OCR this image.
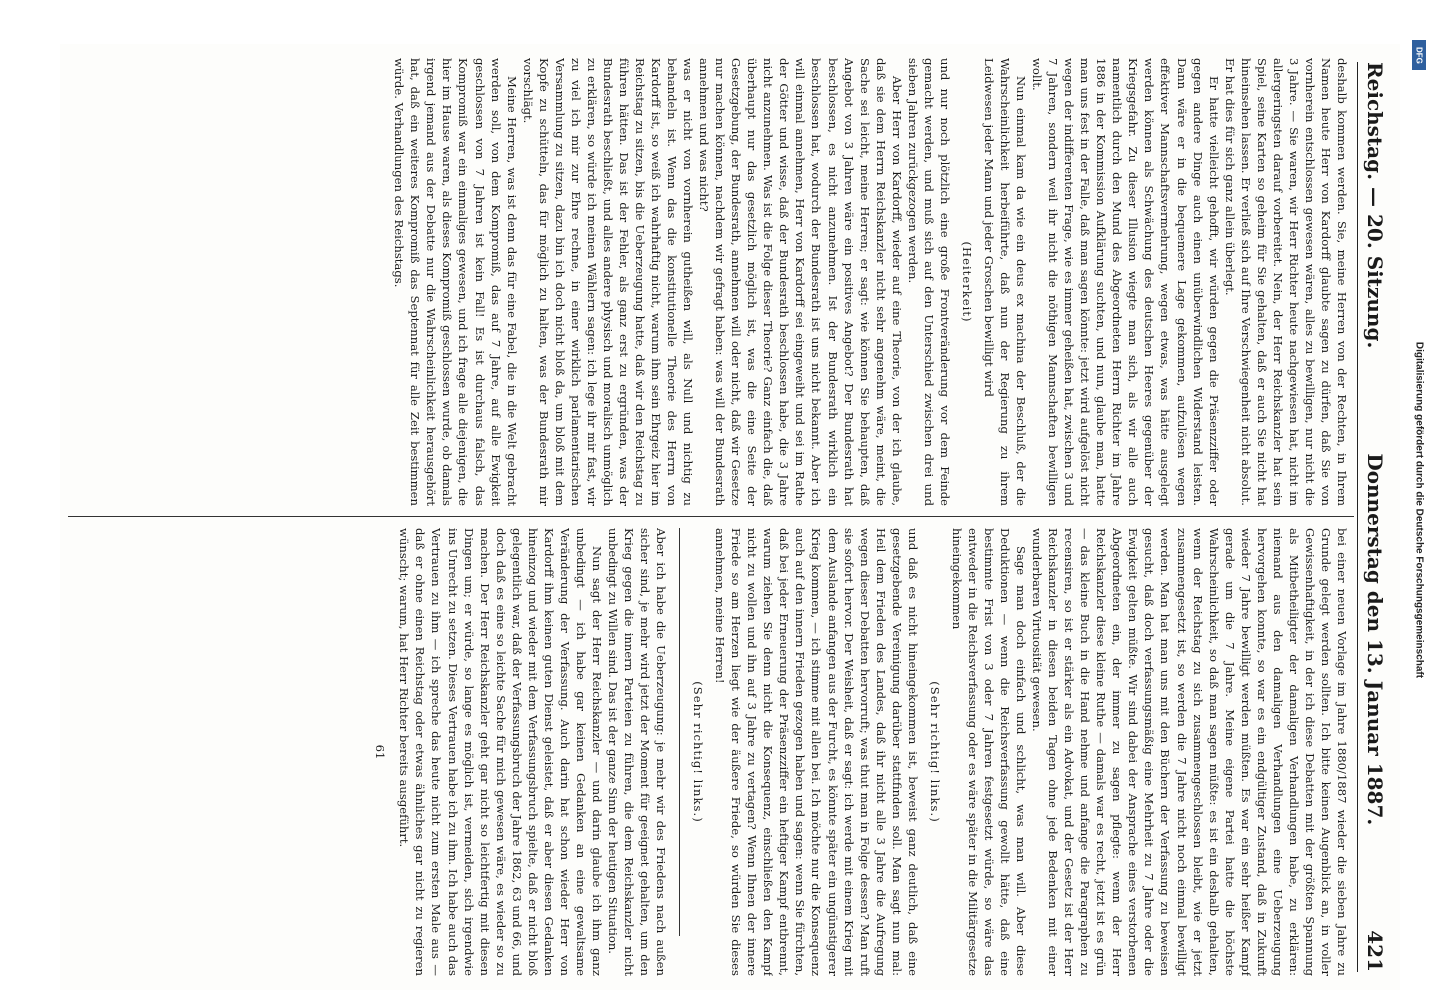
Reichstag. — 20. Sitzung.
Donnerstag den 13. Januar 1887.
421

deshalb kommen werden. Sie, meine Herren von der Rechten, in Ihrem Namen heute Herr von Kardorff glaubte sagen zu dürfen, daß Sie von vornherein entschlossen gewesen wären, alles zu bewilligen, nur nicht die 3 Jahre. — Sie waren, wir Herr Richter heute nachgewiesen hat, nicht im allergeringsten darauf vorbereitet. Nein, der Herr Reichskanzler hat sein Spiel, seine Karten so geheim für Sie gehalten, daß er auch Sie nicht hat hineinsehen lassen. Er verließ sich auf Ihre Verschwiegenheit nicht absolut. Er hat dies für sich ganz allein überlegt.

Er hatte vielleicht gehofft, wir würden gegen die Präsenzziffer oder gegen andere Dinge auch einen unüberwindlichen Widerstand leisten. Dann wäre er in die bequemere Lage gekommen, aufzulösen wegen effektiver Mannschaftsvermehrung, wegen etwas, was hätte ausgelegt werden können als Schwächung des deutschen Heeres gegenüber der Kriegsgefahr. Zu dieser Illusion wiegte man sich, als wir alle auch namentlich durch den Mund des Abgeordneten Herrn Richter im Jahre 1886 in der Kommission Aufklärung suchten, und nun, glaube man, hatte man uns fest in der Falle, daß man sagen könnte: jetzt wird aufgelöst nicht wegen der indifferenten Frage, wie es immer geheißen hat, zwischen 3 und 7 Jahren, sondern weil ihr nicht die nöthigen Mannschaften bewilligen wollt.

Nun einmal kam da wie ein deus ex machina der Beschluß, der die Wahrscheinlichkeit herbeiführte, daß nun der Regierung zu ihrem Leidwesen jeder Mann und jeder Groschen bewilligt wird

(Heiterkeit)

und nur noch plötzlich eine große Frontveränderung vor dem Feinde gemacht werden, und muß sich auf den Unterschied zwischen drei und sieben Jahren zurückgezogen werden.

Aber Herr von Kardorff, wieder auf eine Theorie, von der ich glaube, daß sie dem Herrn Reichskanzler nicht sehr angenehm wäre, meint, die Sache sei leicht, meine Herren; er sagt: wie können Sie behaupten, daß Angebot von 3 Jahren wäre ein positives Angebot? Der Bundesrath hat beschlossen, es nicht anzunehmen. Ist der Bundesrath wirklich ein beschlossen hat, wodurch der Bundesrath ist uns nicht bekannt. Aber ich will einmal annehmen, Herr von Kardorff sei eingeweiht und sei im Rathe der Götter und wisse, daß der Bundesrath beschlossen habe, die 3 Jahre nicht anzunehmen. Was ist die Folge dieser Theorie? Ganz einfach die, daß überhaupt nur das gesetzlich möglich ist, was die eine Seite der Gesetzgebung, der Bundesrath, annehmen will oder nicht, daß wir Gesetze nur machen können, nachdem wir gefragt haben: was will der Bundesrath annehmen und was nicht?

was er nicht von vornherein gutheißen will, als Null und nichtig zu behandeln ist. Wenn das die konstitutionelle Theorie des Herrn von Kardorff ist, so weiß ich wahrhaftig nicht, warum ihm sein Ehrgeiz hier im Reichstag zu sitzen, bis die Ueberzeugung hatte, daß wir den Reichstag zu führen hätten. Das ist der Fehler, als ganz erst zu ergründen, was der Bundesrath beschließt, und alles andere physisch und moralisch unmöglich zu erklären, so würde ich meinen Wählern sagen: ich lege ihr mir fast, wir zu viel ich mir zur Ehre rechne, in einer wirklich parlamentarischen Versammlung zu sitzen, dazu bin ich doch nicht bloß da, um bloß mit dem Kopfe zu schütteln, das für möglich zu halten, was der Bundesrath mir vorschlägt.

Meine Herren, was ist denn das für eine Fabel, die in die Welt gebracht werden soll, von dem Kompromiß, das auf 7 Jahre, auf alle Ewigkeit geschlossen von 7 Jahren ist kein Fall! Es ist durchaus falsch, das Kompromiß war ein einmaliges gewesen, und ich frage alle diejenigen, die hier im Hause waren, als dieses Kompromiß geschlossen wurde, ob damals irgend jemand aus der Debatte nur die Wahrscheinlichkeit herausgehört hat, daß ein weiteres Kompromiß das Septennat für alle Zeit bestimmen würde. Verhandlungen des Reichstags.

bei einer neuen Vorlage im Jahre 1880/1887 wieder die sieben Jahre zu Grunde gelegt werden sollten. Ich bitte keinen Augenblick an, in voller Gewissenhaftigkeit, in der ich diese Debatten mit der größten Spannung als Mitbetheiligter der damaligen Verhandlungen habe, zu erklären: niemand aus den damaligen Verhandlungen eine Ueberzeugung hervorgehen konnte, so war es ein endgültiger Zustand, daß in Zukunft wieder 7 Jahre bewilligt werden müßten. Es war ein sehr heißer Kampf gerade um die 7 Jahre. Meine eigene Partei hatte die höchste Wahrscheinlichkeit, so daß man sagen müßte: es ist ein deshalb gehalten, wenn der Reichstag zu sich zusammengeschlossen bleibt, wie er jetzt zusammengesetzt ist, so werden die 7 Jahre nicht noch einmal bewilligt werden. Man hat man uns mit den Büchern der Verfassung zu beweisen gesucht, daß doch verfassungsmäßig eine Mehrheit zu 7 Jahre oder die Ewigkeit gelten müßte. Wir sind dabei der Ansprache eines verstorbenen Abgeordneten ein, der immer zu sagen pflegte: wenn der Herr Reichskanzler diese kleine Ruthe — damals war es recht, jetzt ist es grün — das kleine Buch in die Hand nehme und anfange die Paragraphen zu recensiren, so ist er stärker als ein Advokat, und der Gesetz ist der Herr Reichskanzler in diesen beiden Tagen ohne jede Bedenken mit einer wunderbaren Virtuosität gewesen.

Sage man doch einfach und schlicht, was man will. Aber diese Deduktionen — wenn die Reichsverfassung gewollt hätte, daß eine bestimmte Frist von 3 oder 7 Jahren festgesetzt würde, so wäre das entweder in die Reichsverfassung oder es wäre später in die Militärgesetze hineingekommen

(Sehr richtig! links.)

und daß es nicht hineingekommen ist, beweist ganz deutlich, daß eine gesetzgebende Vereinigung darüber stattfinden soll. Man sagt nun mal: Heil dem Frieden des Landes, daß ihr nicht alle 3 Jahre die Aufregung wegen dieser Debatten hervorruft; was thut man in Folge dessen? Man ruft sie sofort hervor. Der Weisheit, daß er sagt: ich werde mit einem Krieg mit dem Auslande anfangen aus der Furcht, es könnte später ein ungünstigerer Krieg kommen, — ich stimme mit allen bei. Ich möchte nur die Konsequenz auch auf den innern Frieden gezogen haben und sagen: wenn Sie fürchten, daß bei jeder Erneuerung der Präsenzziffer ein heftiger Kampf entbrennt, warum ziehen Sie denn nicht die Konsequenz, einschließen den Kampf nicht zu wollen und ihn auf 3 Jahre zu vertagen? Wenn Ihnen der innere Friede so am Herzen liegt wie der äußere Friede, so würden Sie dieses annehmen, meine Herren!

(Sehr richtig! links.)

Aber ich habe die Ueberzeugung: je mehr wir des Friedens nach außen sicher sind, je mehr wird jetzt der Moment für geeignet gehalten, um den Krieg gegen die innern Parteien zu führen, die dem Reichskanzler nicht unbedingt zu Willen sind. Das ist der ganze Sinn der heutigen Situation.

Nun sagt der Herr Reichskanzler — und darin glaube ich ihm ganz unbedingt — ich habe gar keinen Gedanken an eine gewaltsame Veränderung der Verfassung. Auch darin hat schon wieder Herr von Kardorff ihm keinen guten Dienst geleistet, daß er aber diesen Gedanken hineinzog und wieder mit dem Verfassungsbruch spielte, daß er nicht bloß gelegentlich war, daß der Verfassungsbruch der Jahre 1862, 63 und 66, und doch daß es eine so leichte Sache für mich gewesen wäre, es wieder so zu machen. Der Herr Reichskanzler geht gar nicht so leichtfertig mit diesen Dingen um; er würde, so lange es möglich ist, vermeiden, sich irgendwie ins Unrecht zu setzen. Dieses Vertrauen habe ich zu ihm. Ich habe auch das Vertrauen zu ihm — ich spreche das heute nicht zum ersten Male aus — daß er ohne einen Reichstag oder etwas ähnliches gar nicht zu regieren wünscht; warum, hat Herr Richter bereits ausgeführt.

61

DFG
Digitalisierung gefördert durch die Deutsche Forschungsgemeinschaft
